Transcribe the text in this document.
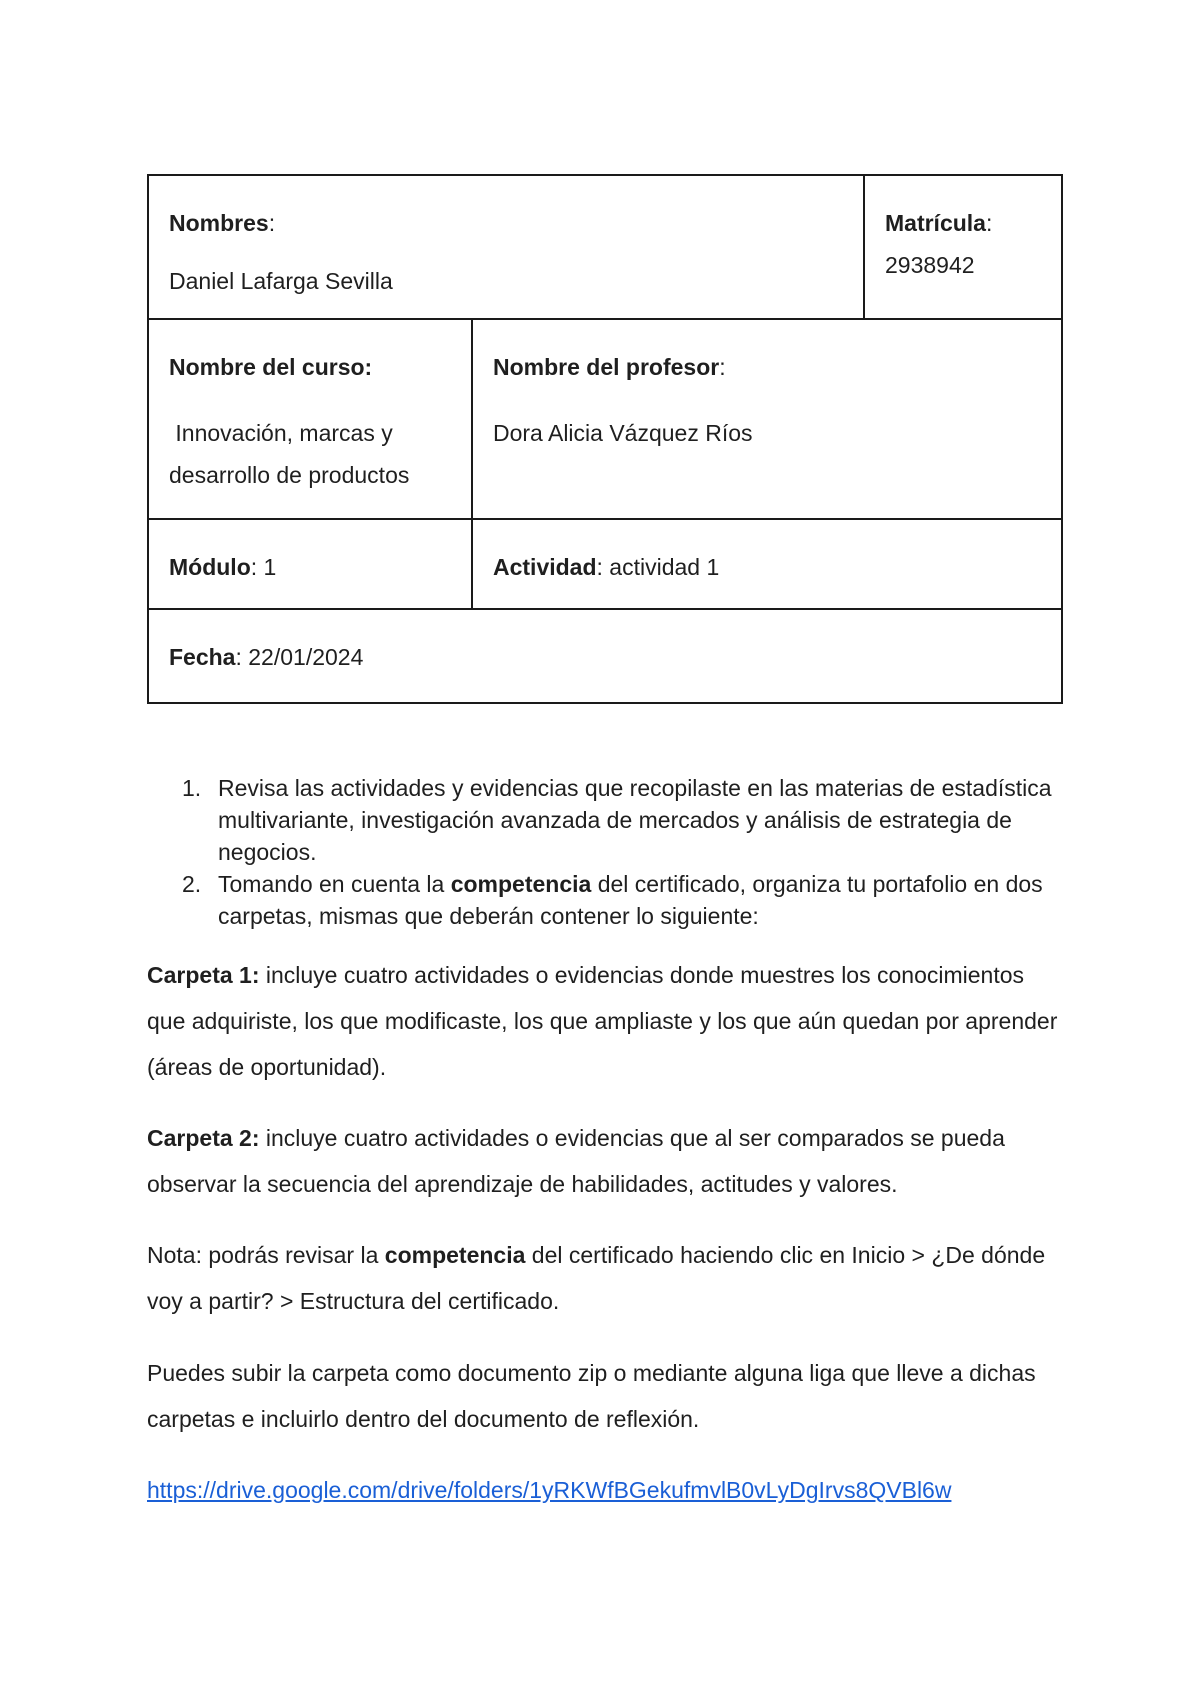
Nombres:
Daniel Lafarga Sevilla		Matrícula:
2938942

Nombre del curso:
Innovación, marcas y
desarrollo de productos	Nombre del profesor:
Dora Alicia Vázquez Ríos	

Módulo: 1	Actividad: actividad 1	

Fecha: 22/01/2024		
1. Revisa las actividades y evidencias que recopilaste en las materias de estadística multivariante, investigación avanzada de mercados y análisis de estrategia de negocios.
2. Tomando en cuenta la competencia del certificado, organiza tu portafolio en dos carpetas, mismas que deberán contener lo siguiente:

Carpeta 1: incluye cuatro actividades o evidencias donde muestres los conocimientos que adquiriste, los que modificaste, los que ampliaste y los que aún quedan por aprender (áreas de oportunidad).

Carpeta 2: incluye cuatro actividades o evidencias que al ser comparados se pueda observar la secuencia del aprendizaje de habilidades, actitudes y valores.

Nota: podrás revisar la competencia del certificado haciendo clic en Inicio > ¿De dónde voy a partir? > Estructura del certificado.

Puedes subir la carpeta como documento zip o mediante alguna liga que lleve a dichas carpetas e incluirlo dentro del documento de reflexión.

https://drive.google.com/drive/folders/1yRKWfBGekufmvlB0vLyDgIrvs8QVBl6w
